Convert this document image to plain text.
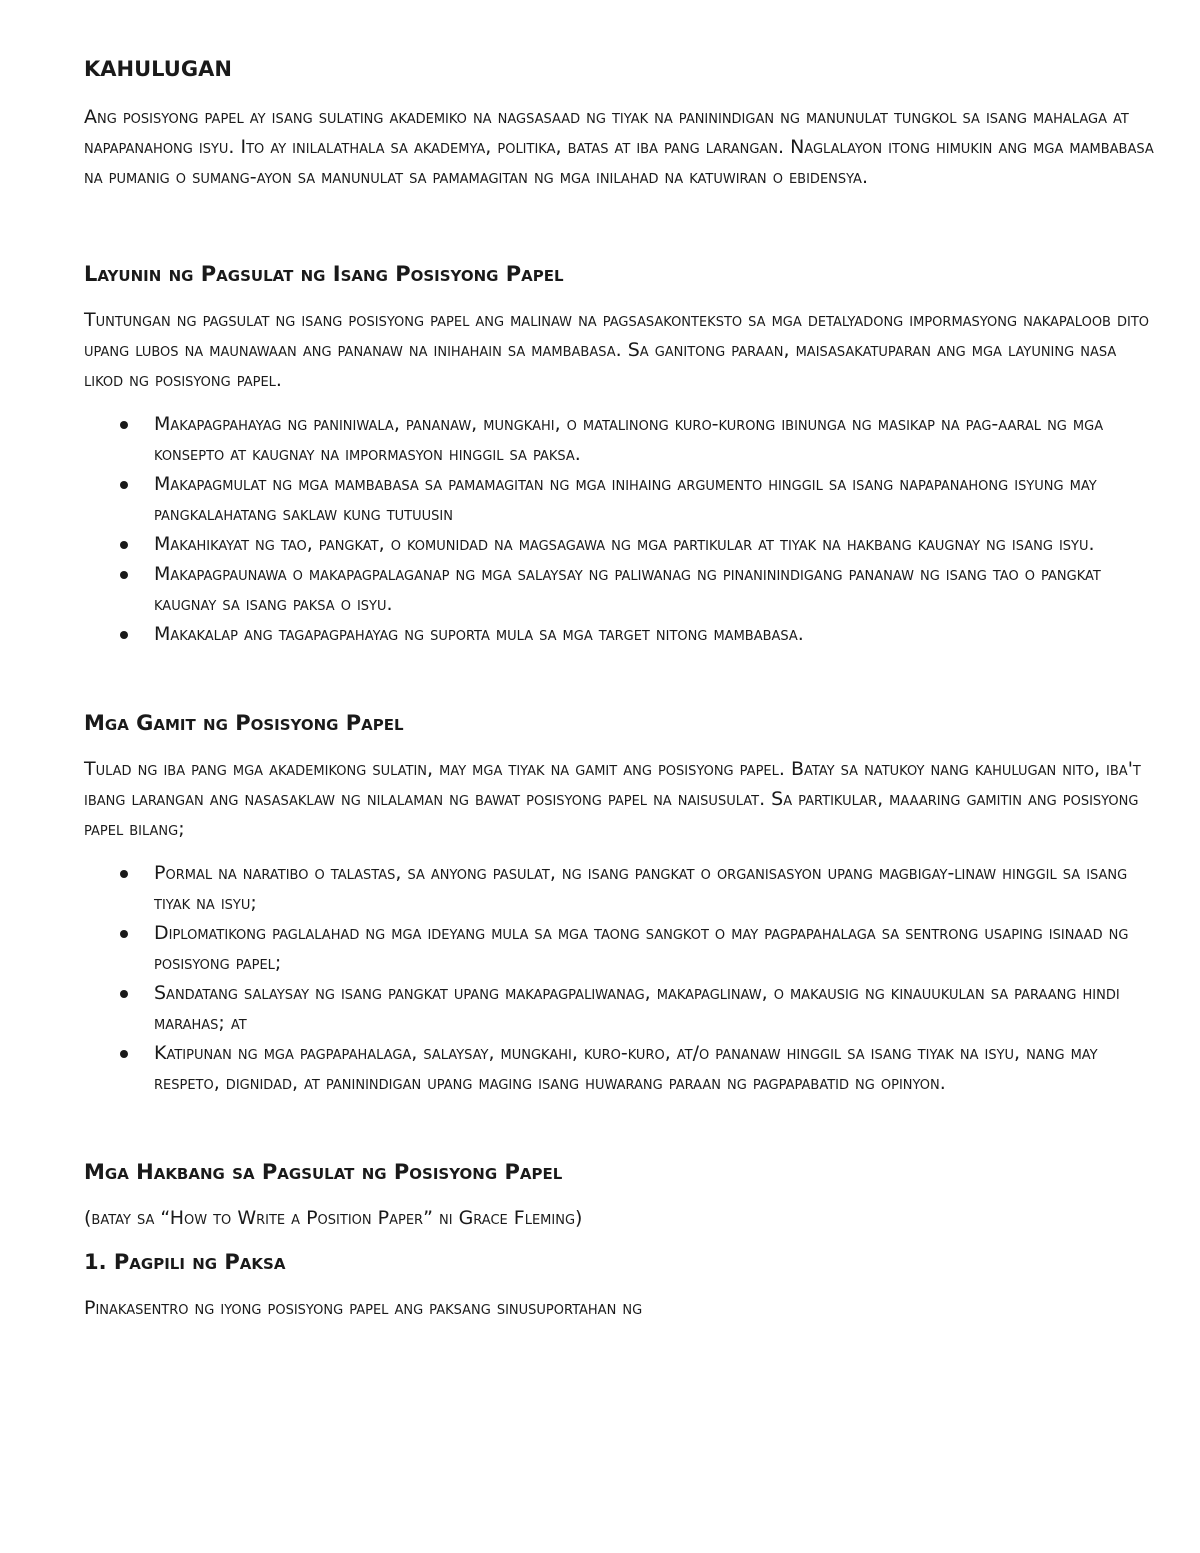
KAHULUGAN

Ang posisyong papel ay isang sulating akademiko na nagsasaad ng tiyak na paninindigan ng manunulat tungkol sa isang mahalaga at napapanahong isyu. Ito ay inilalathala sa akademya, politika, batas at iba pang larangan. Naglalayon itong himukin ang mga mambabasa na pumanig o sumang-ayon sa manunulat sa pamamagitan ng mga inilahad na katuwiran o ebidensya.

Layunin ng Pagsulat ng Isang Posisyong Papel

Tuntungan ng pagsulat ng isang posisyong papel ang malinaw na pagsasakonteksto sa mga detalyadong impormasyong nakapaloob dito upang lubos na maunawaan ang pananaw na inihahain sa mambabasa. Sa ganitong paraan, maisasakatuparan ang mga layuning nasa likod ng posisyong papel.

Makapagpahayag ng paniniwala, pananaw, mungkahi, o matalinong kuro-kurong ibinunga ng masikap na pag-aaral ng mga konsepto at kaugnay na impormasyon hinggil sa paksa.
Makapagmulat ng mga mambabasa sa pamamagitan ng mga inihaing argumento hinggil sa isang napapanahong isyung may pangkalahatang saklaw kung tutuusin
Makahikayat ng tao, pangkat, o komunidad na magsagawa ng mga partikular at tiyak na hakbang kaugnay ng isang isyu.
Makapagpaunawa o makapagpalaganap ng mga salaysay ng paliwanag ng pinaninindigang pananaw ng isang tao o pangkat kaugnay sa isang paksa o isyu.
Makakalap ang tagapagpahayag ng suporta mula sa mga target nitong mambabasa.
Mga Gamit ng Posisyong Papel

Tulad ng iba pang mga akademikong sulatin, may mga tiyak na gamit ang posisyong papel. Batay sa natukoy nang kahulugan nito, iba't ibang larangan ang nasasaklaw ng nilalaman ng bawat posisyong papel na naisusulat. Sa partikular, maaaring gamitin ang posisyong papel bilang;

Pormal na naratibo o talastas, sa anyong pasulat, ng isang pangkat o organisasyon upang magbigay-linaw hinggil sa isang tiyak na isyu;
Diplomatikong paglalahad ng mga ideyang mula sa mga taong sangkot o may pagpapahalaga sa sentrong usaping isinaad ng posisyong papel;
Sandatang salaysay ng isang pangkat upang makapagpaliwanag, makapaglinaw, o makausig ng kinauukulan sa paraang hindi marahas; at
Katipunan ng mga pagpapahalaga, salaysay, mungkahi, kuro-kuro, at/o pananaw hinggil sa isang tiyak na isyu, nang may respeto, dignidad, at paninindigan upang maging isang huwarang paraan ng pagpapabatid ng opinyon.
Mga Hakbang sa Pagsulat ng Posisyong Papel
(batay sa “How to Write a Position Paper” ni Grace Fleming)
1. Pagpili ng Paksa

Pinakasentro ng iyong posisyong papel ang paksang sinusuportahan ng
